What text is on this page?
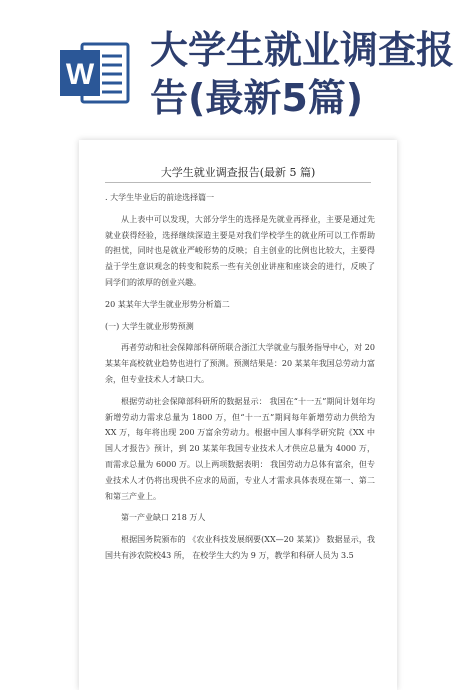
W
大学生就业调查报
告(最新5篇)
大学生就业调查报告(最新 5 篇)

. 大学生毕业后的前途选择篇一

从上表中可以发现，大部分学生的选择是先就业再择业，主要是通过先就业获得经验，选择继续深造主要是对我们学校学生的就业所可以工作帮助的担忧，同时也是就业严峻形势的反映；自主创业的比例也比较大，主要得益于学生意识观念的转变和院系一些有关创业讲座和座谈会的进行，反映了同学们的浓厚的创业兴趣。

20 某某年大学生就业形势分析篇二

(一) 大学生就业形势预测

再者劳动和社会保障部科研所联合浙江大学就业与服务指导中心，对 20 某某年高校就业趋势也进行了预测。预测结果是：20 某某年我国总劳动力富余，但专业技术人才缺口大。

根据劳动社会保障部科研所的数据显示： 我国在“十一五”期间计划年均新增劳动力需求总量为 1800 万，但“十一五”期间每年新增劳动力供给为 XX 万，每年将出现 200 万富余劳动力。根据中国人事科学研究院《XX 中国人才报告》预计，到 20 某某年我国专业技术人才供应总量为 4000 万，而需求总量为 6000 万。以上两项数据表明： 我国劳动力总体有富余，但专业技术人才仍将出现供不应求的局面，专业人才需求具体表现在第一、第二和第三产业上。

第一产业缺口 218 万人

根据国务院颁布的 《农业科技发展纲要(XX—20 某某)》 数据显示，我国共有涉农院校43 所， 在校学生大约为 9 万，教学和科研人员为 3.5
